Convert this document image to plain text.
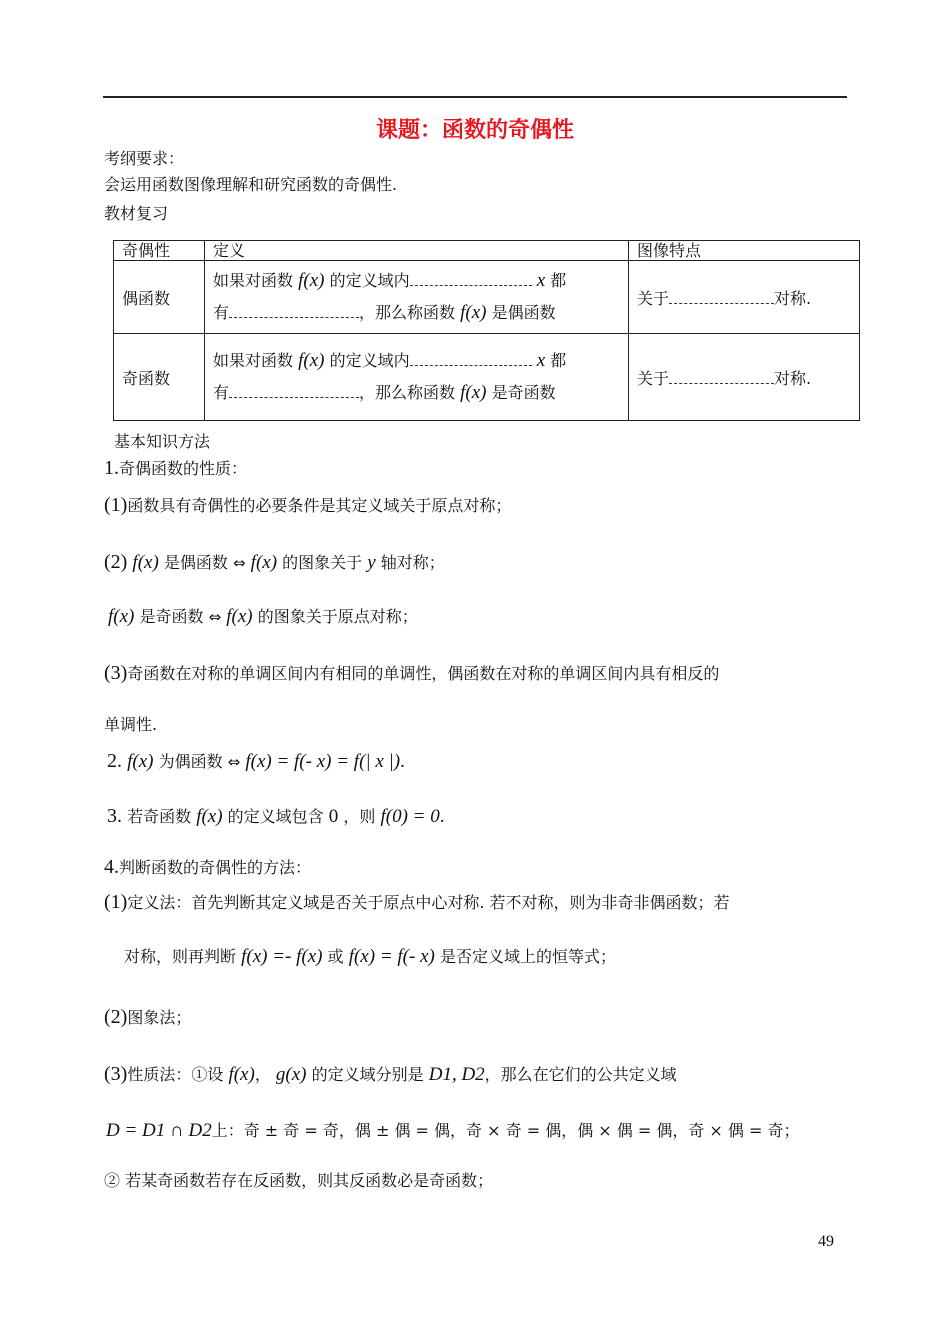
课题：函数的奇偶性
考纲要求：
会运用函数图像理解和研究函数的奇偶性.
教材复习
奇偶性	定义	图像特点
偶函数	如果对函数 f(x) 的定义域内 x 都
有 ，那么称函数 f(x) 是偶函数	关于 对称.
奇函数	如果对函数 f(x) 的定义域内 x 都
有 ，那么称函数 f(x) 是奇函数	关于 对称.
基本知识方法
1.奇偶函数的性质：
(1)函数具有奇偶性的必要条件是其定义域关于原点对称；
(2) f(x) 是偶函数 ⇔ f(x) 的图象关于 y 轴对称；
f(x) 是奇函数 ⇔ f(x) 的图象关于原点对称；
(3)奇函数在对称的单调区间内有相同的单调性，偶函数在对称的单调区间内具有相反的
单调性.
2. f(x) 为偶函数 ⇔ f(x) = f(- x) = f(| x |).
3. 若奇函数 f(x) 的定义域包含 0 ，则 f(0) = 0.
4.判断函数的奇偶性的方法：
(1)定义法：首先判断其定义域是否关于原点中心对称. 若不对称，则为非奇非偶函数；若
对称，则再判断 f(x) =- f(x) 或 f(x) = f(- x) 是否定义域上的恒等式；
(2)图象法；
(3)性质法：①设 f(x)， g(x) 的定义域分别是 D1, D2，那么在它们的公共定义域
D = D1 ∩ D2上：奇 ± 奇 = 奇，偶 ± 偶 = 偶，奇 × 奇 = 偶，偶 × 偶 = 偶，奇 × 偶 = 奇；
② 若某奇函数若存在反函数，则其反函数必是奇函数；
49
